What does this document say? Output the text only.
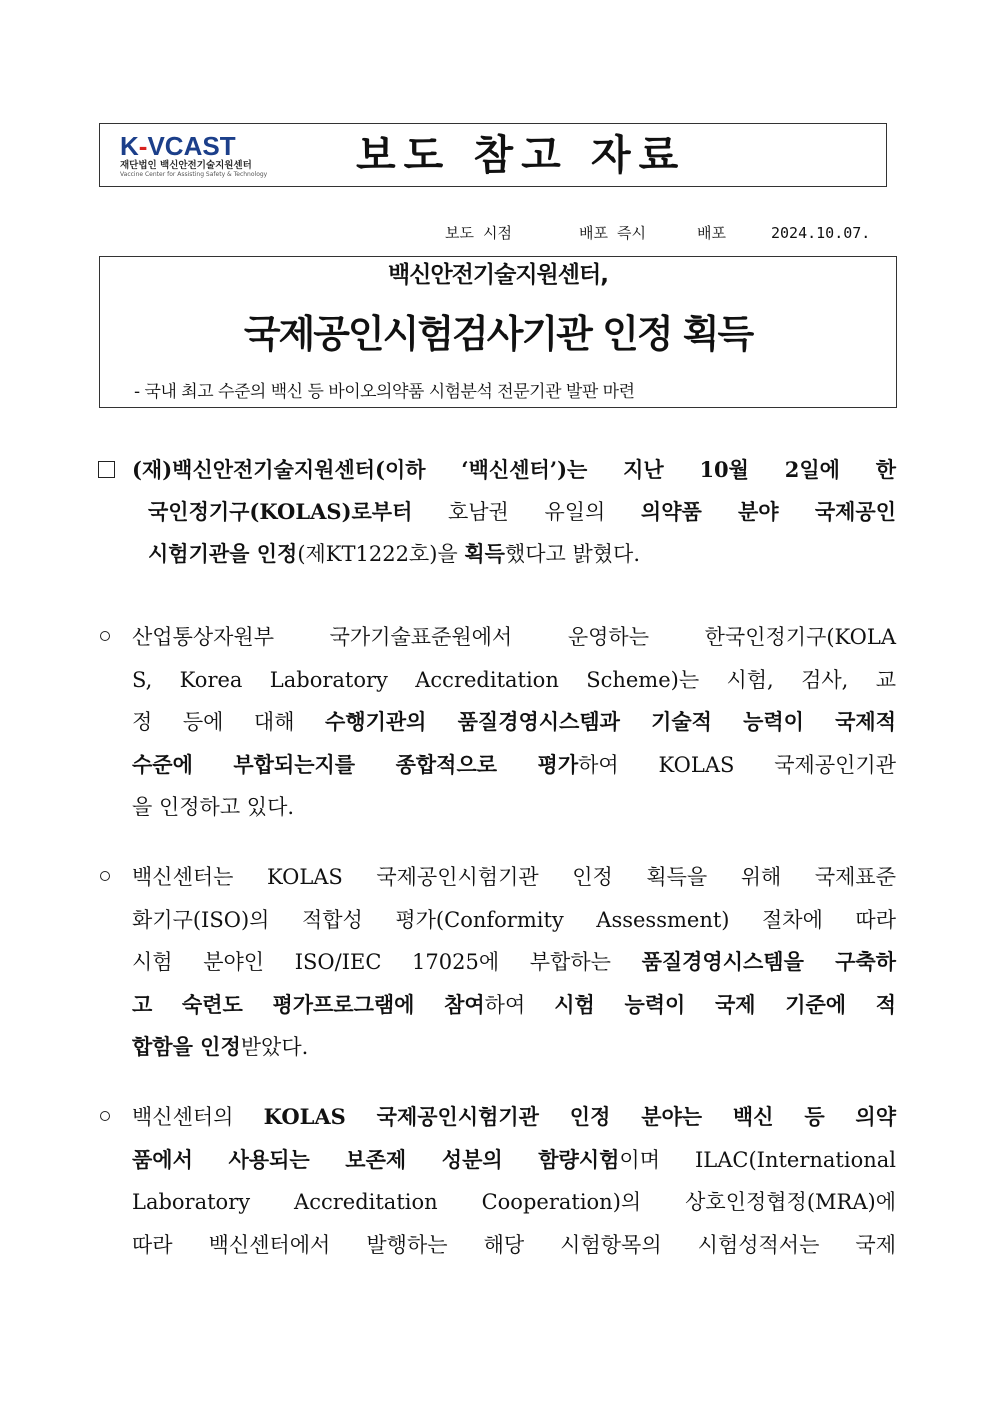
K-VCAST
재단법인 백신안전기술지원센터
Vaccine Center for Assisting Safety & Technology	보도 참고 자료
보도 시점	배포 즉시	배포	2024.10.07.
백신안전기술지원센터,
국제공인시험검사기관 인정 획득
- 국내 최고 수준의 백신 등 바이오의약품 시험분석 전문기관 발판 마련
(재)백신안전기술지원센터(이하 ‘백신센터’)는 지난 10월 2일에 한
국인정기구(KOLAS)로부터 호남권 유일의 의약품 분야 국제공인
시험기관을 인정(제KT1222호)을 획득했다고 밝혔다.
산업통상자원부 국가기술표준원에서 운영하는 한국인정기구(KOLA
S, Korea Laboratory Accreditation Scheme)는 시험, 검사, 교
정 등에 대해 수행기관의 품질경영시스템과 기술적 능력이 국제적
수준에 부합되는지를 종합적으로 평가하여 KOLAS 국제공인기관
을 인정하고 있다.
백신센터는 KOLAS 국제공인시험기관 인정 획득을 위해 국제표준
화기구(ISO)의 적합성 평가(Conformity Assessment) 절차에 따라
시험 분야인 ISO/IEC 17025에 부합하는 품질경영시스템을 구축하
고 숙련도 평가프로그램에 참여하여 시험 능력이 국제 기준에 적
합함을 인정받았다.
백신센터의 KOLAS 국제공인시험기관 인정 분야는 백신 등 의약
품에서 사용되는 보존제 성분의 함량시험이며 ILAC(International
Laboratory Accreditation Cooperation)의 상호인정협정(MRA)에
따라 백신센터에서 발행하는 해당 시험항목의 시험성적서는 국제
